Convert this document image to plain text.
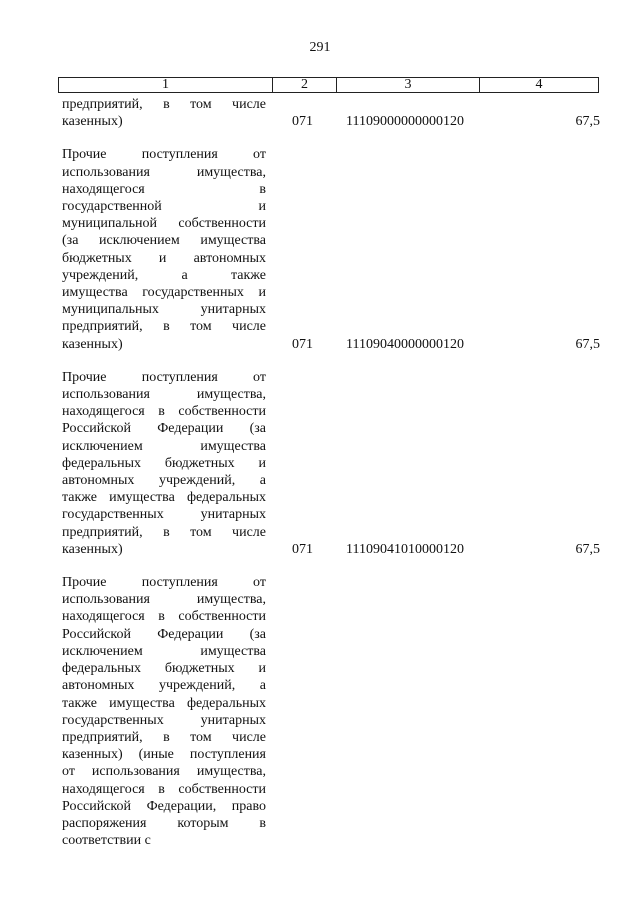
291
1	2	3	4
предприятий, в том числе
казенных)	071 11109000000000120	67,5
Прочие поступления от
использования имущества,
находящегося в
государственной и
муниципальной собственности
(за исключением имущества
бюджетных и автономных
учреждений, а также
имущества государственных и
муниципальных унитарных
предприятий, в том числе
казенных)	071 11109040000000120	67,5
Прочие поступления от
использования имущества,
находящегося в собственности
Российской Федерации (за
исключением имущества
федеральных бюджетных и
автономных учреждений, а
также имущества федеральных
государственных унитарных
предприятий, в том числе
казенных)	071 11109041010000120	67,5
Прочие поступления от
использования имущества,
находящегося в собственности
Российской Федерации (за
исключением имущества
федеральных бюджетных и
автономных учреждений, а
также имущества федеральных
государственных унитарных
предприятий, в том числе
казенных) (иные поступления
от использования имущества,
находящегося в собственности
Российской Федерации, право
распоряжения которым в
соответствии с
